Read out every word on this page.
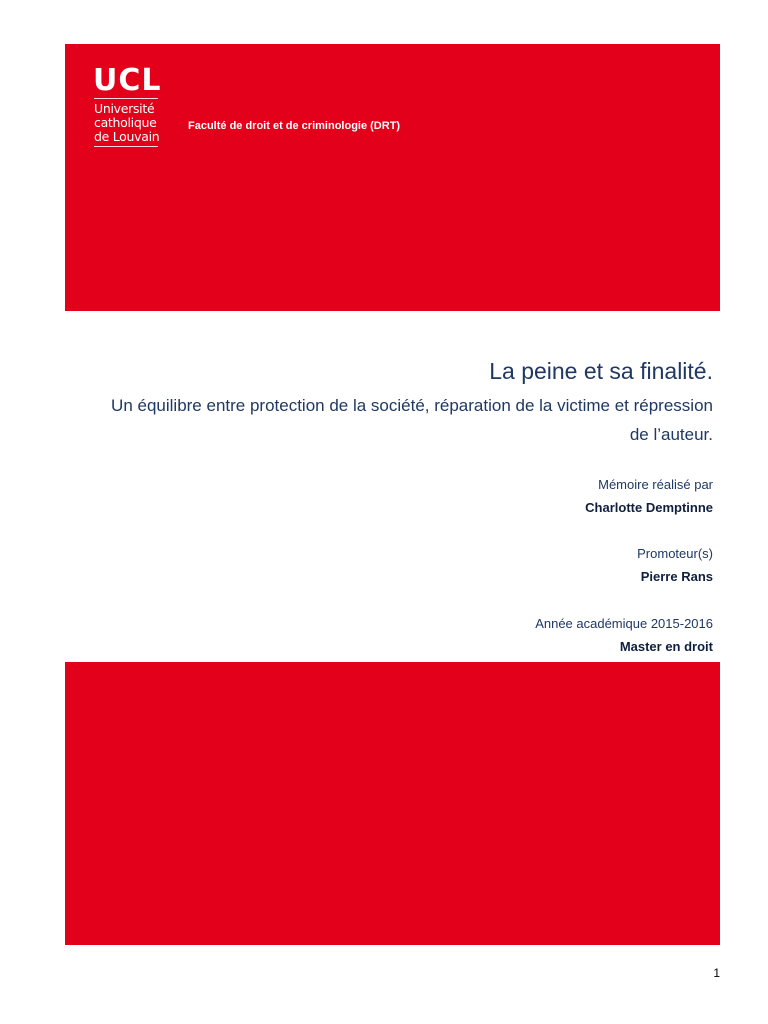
UCL
Université
catholique
de Louvain
Faculté de droit et de criminologie (DRT)
La peine et sa finalité.

Un équilibre entre protection de la société, réparation de la victime et répression
de l’auteur.

Mémoire réalisé par
Charlotte Demptinne
Promoteur(s)
Pierre Rans
Année académique 2015-2016
Master en droit
1
